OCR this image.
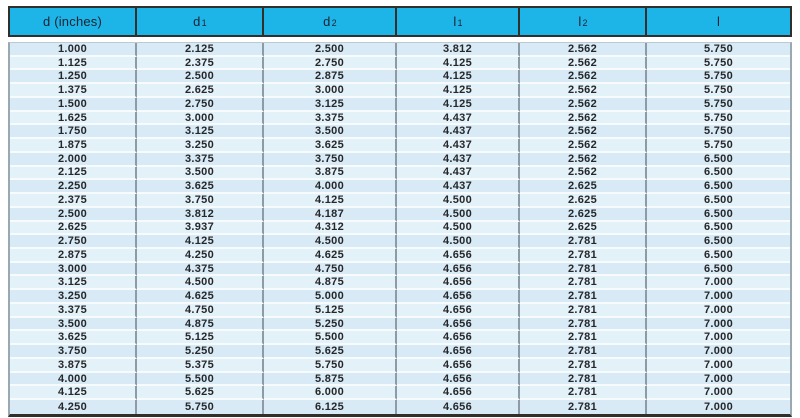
d (inches)	$d_1$	$d_2$	$l_1$	$l_2$	l
1.000	2.125	2.500	3.812	2.562	5.750
1.125	2.375	2.750	4.125	2.562	5.750
1.250	2.500	2.875	4.125	2.562	5.750
1.375	2.625	3.000	4.125	2.562	5.750
1.500	2.750	3.125	4.125	2.562	5.750
1.625	3.000	3.375	4.437	2.562	5.750
1.750	3.125	3.500	4.437	2.562	5.750
1.875	3.250	3.625	4.437	2.562	5.750
2.000	3.375	3.750	4.437	2.562	6.500
2.125	3.500	3.875	4.437	2.562	6.500
2.250	3.625	4.000	4.437	2.625	6.500
2.375	3.750	4.125	4.500	2.625	6.500
2.500	3.812	4.187	4.500	2.625	6.500
2.625	3.937	4.312	4.500	2.625	6.500
2.750	4.125	4.500	4.500	2.781	6.500
2.875	4.250	4.625	4.656	2.781	6.500
3.000	4.375	4.750	4.656	2.781	6.500
3.125	4.500	4.875	4.656	2.781	7.000
3.250	4.625	5.000	4.656	2.781	7.000
3.375	4.750	5.125	4.656	2.781	7.000
3.500	4.875	5.250	4.656	2.781	7.000
3.625	5.125	5.500	4.656	2.781	7.000
3.750	5.250	5.625	4.656	2.781	7.000
3.875	5.375	5.750	4.656	2.781	7.000
4.000	5.500	5.875	4.656	2.781	7.000
4.125	5.625	6.000	4.656	2.781	7.000
4.250	5.750	6.125	4.656	2.781	7.000
